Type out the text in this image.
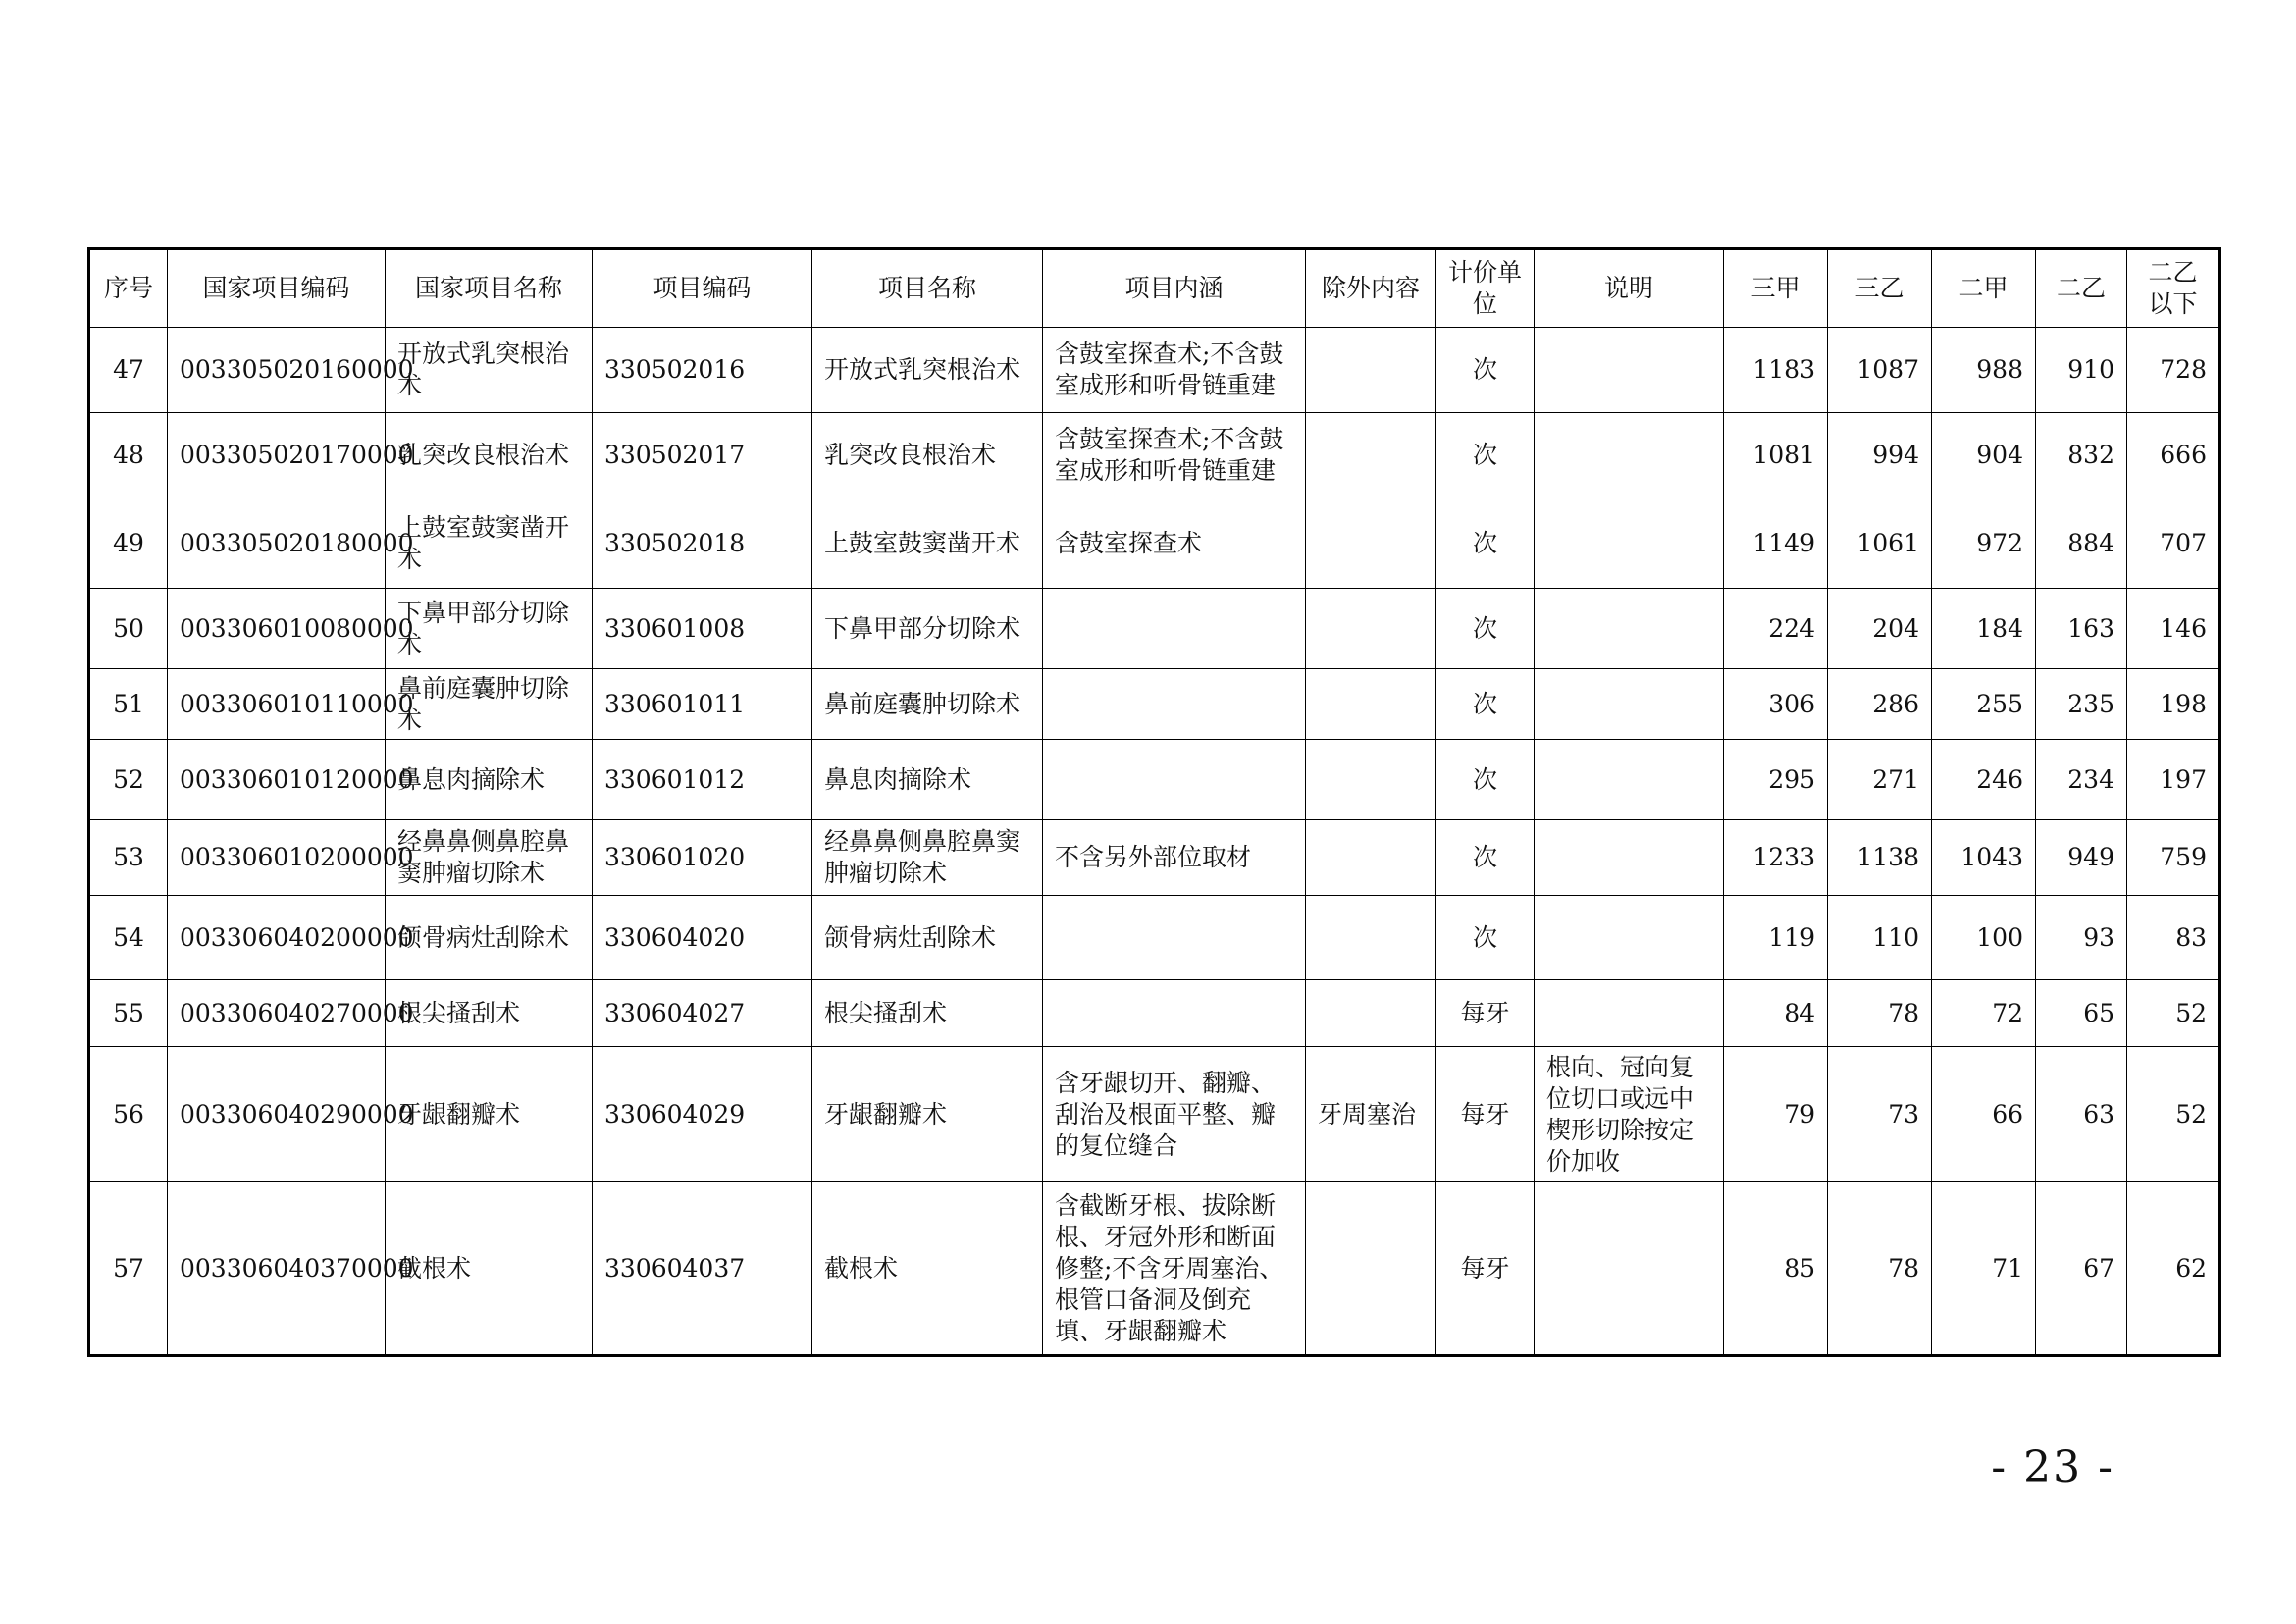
序号	国家项目编码	国家项目名称	项目编码	项目名称	项目内涵	除外内容	计价单位	说明	三甲	三乙	二甲	二乙	二乙以下
47	003305020160000	开放式乳突根治术	330502016	开放式乳突根治术	含鼓室探查术;不含鼓室成形和听骨链重建		次		1183	1087	988	910	728
48	003305020170000	乳突改良根治术	330502017	乳突改良根治术	含鼓室探查术;不含鼓室成形和听骨链重建		次		1081	994	904	832	666
49	003305020180000	上鼓室鼓窦凿开术	330502018	上鼓室鼓窦凿开术	含鼓室探查术		次		1149	1061	972	884	707
50	003306010080000	下鼻甲部分切除术	330601008	下鼻甲部分切除术			次		224	204	184	163	146
51	003306010110000	鼻前庭囊肿切除术	330601011	鼻前庭囊肿切除术			次		306	286	255	235	198
52	003306010120000	鼻息肉摘除术	330601012	鼻息肉摘除术			次		295	271	246	234	197
53	003306010200000	经鼻鼻侧鼻腔鼻窦肿瘤切除术	330601020	经鼻鼻侧鼻腔鼻窦肿瘤切除术	不含另外部位取材		次		1233	1138	1043	949	759
54	003306040200000	颌骨病灶刮除术	330604020	颌骨病灶刮除术			次		119	110	100	93	83
55	003306040270000	根尖搔刮术	330604027	根尖搔刮术			每牙		84	78	72	65	52
56	003306040290000	牙龈翻瓣术	330604029	牙龈翻瓣术	含牙龈切开、翻瓣、刮治及根面平整、瓣的复位缝合	牙周塞治	每牙	根向、冠向复位切口或远中楔形切除按定价加收	79	73	66	63	52
57	003306040370000	截根术	330604037	截根术	含截断牙根、拔除断根、牙冠外形和断面修整;不含牙周塞治、根管口备洞及倒充填、牙龈翻瓣术		每牙		85	78	71	67	62
- 23 -
